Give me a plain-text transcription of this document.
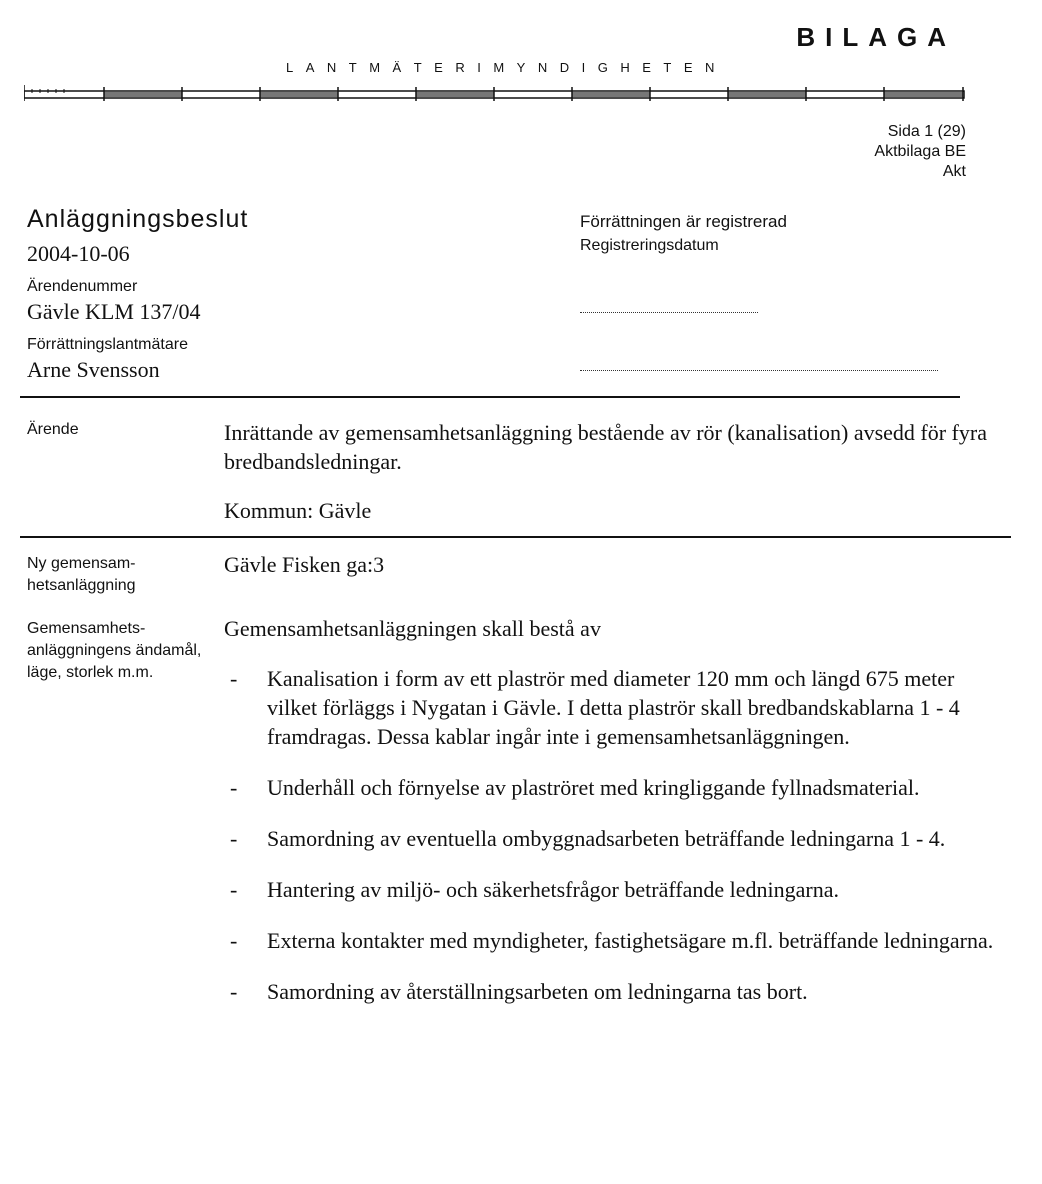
BILAGA
LANTMÄTERIMYNDIGHETEN
Sida 1 (29)
Aktbilaga BE
Akt
Anläggningsbeslut
2004-10-06
Ärendenummer
Gävle KLM 137/04
Förrättningslantmätare
Arne Svensson
Förrättningen är registrerad
Registreringsdatum
Ärende	Inrättande av gemensamhetsanläggning bestående av rör (kanalisation) avsedd för fyra bredbandsledningar.
Kommun: Gävle
Ny gemensam-hetsanläggning
Gävle Fisken ga:3
Gemensamhets-anläggningens ändamål, läge, storlek m.m.
Gemensamhetsanläggningen skall bestå av
- Kanalisation i form av ett plaströr med diameter 120 mm och längd 675 meter vilket förläggs i Nygatan i Gävle. I detta plaströr skall bredbandskablarna 1 - 4 framdragas. Dessa kablar ingår inte i gemensamhetsanläggningen.
- Underhåll och förnyelse av plaströret med kringliggande fyllnadsmaterial.
- Samordning av eventuella ombyggnadsarbeten beträffande ledningarna 1 - 4.
- Hantering av miljö- och säkerhetsfrågor beträffande ledningarna.
- Externa kontakter med myndigheter, fastighetsägare m.fl. beträffande ledningarna.
- Samordning av återställningsarbeten om ledningarna tas bort.
